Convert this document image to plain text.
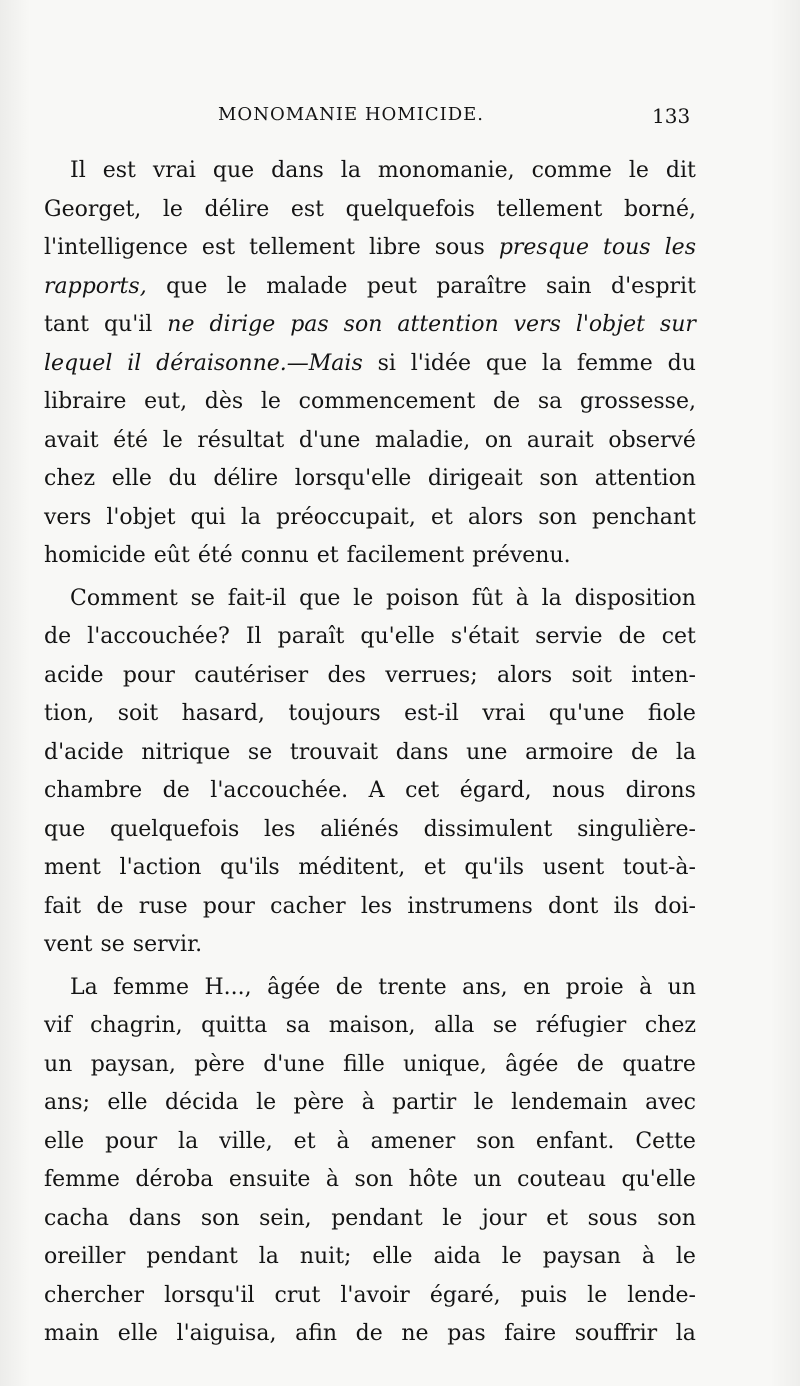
MONOMANIE HOMICIDE.	133
Il est vrai que dans la monomanie, comme le dit
Georget, le délire est quelquefois tellement borné,
l'intelligence est tellement libre sous presque tous les
rapports, que le malade peut paraître sain d'esprit
tant qu'il ne dirige pas son attention vers l'objet sur
lequel il déraisonne.—Mais si l'idée que la femme du
libraire eut, dès le commencement de sa grossesse,
avait été le résultat d'une maladie, on aurait observé
chez elle du délire lorsqu'elle dirigeait son attention
vers l'objet qui la préoccupait, et alors son penchant
homicide eût été connu et facilement prévenu.
Comment se fait-il que le poison fût à la disposition
de l'accouchée? Il paraît qu'elle s'était servie de cet
acide pour cautériser des verrues; alors soit inten-
tion, soit hasard, toujours est-il vrai qu'une fiole
d'acide nitrique se trouvait dans une armoire de la
chambre de l'accouchée. A cet égard, nous dirons
que quelquefois les aliénés dissimulent singulière-
ment l'action qu'ils méditent, et qu'ils usent tout-à-
fait de ruse pour cacher les instrumens dont ils doi-
vent se servir.
La femme H..., âgée de trente ans, en proie à un
vif chagrin, quitta sa maison, alla se réfugier chez
un paysan, père d'une fille unique, âgée de quatre
ans; elle décida le père à partir le lendemain avec
elle pour la ville, et à amener son enfant. Cette
femme déroba ensuite à son hôte un couteau qu'elle
cacha dans son sein, pendant le jour et sous son
oreiller pendant la nuit; elle aida le paysan à le
chercher lorsqu'il crut l'avoir égaré, puis le lende-
main elle l'aiguisa, afin de ne pas faire souffrir la
